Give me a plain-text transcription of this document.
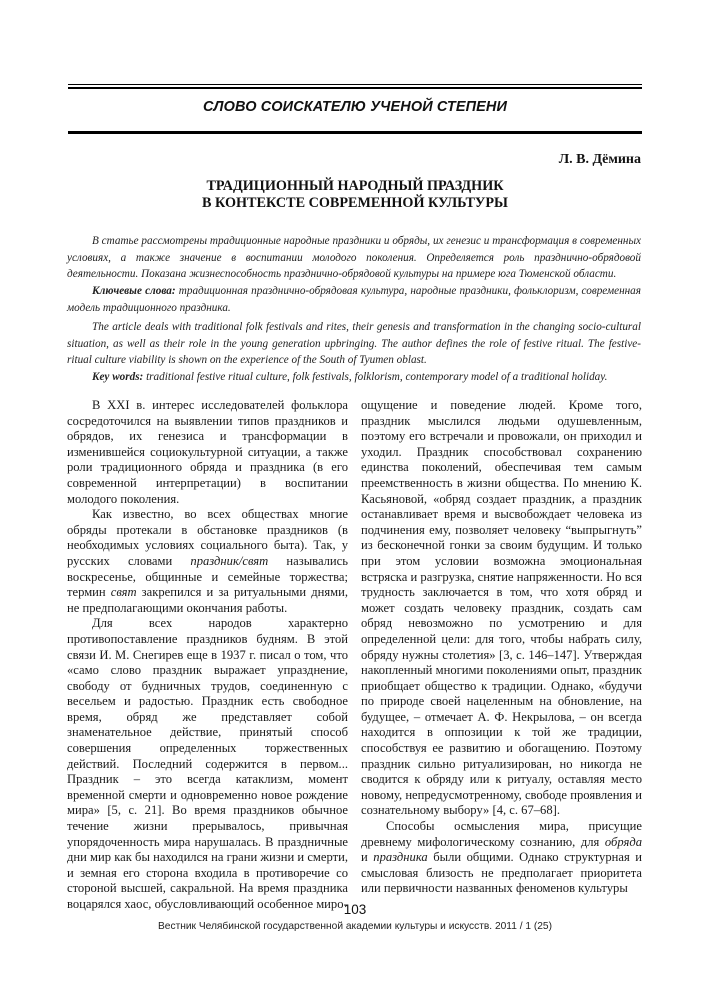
СЛОВО СОИСКАТЕЛЮ УЧЕНОЙ СТЕПЕНИ
Л. В. Дёмина
ТРАДИЦИОННЫЙ НАРОДНЫЙ ПРАЗДНИК
В КОНТЕКСТЕ СОВРЕМЕННОЙ КУЛЬТУРЫ

В статье рассмотрены традиционные народные праздники и обряды, их генезис и трансформация в современных условиях, а также значение в воспитании молодого поколения. Определяется роль праздничнo-обрядовой деятельности. Показана жизнеспособность праздничнo-обрядовой культуры на примере юга Тюменской области.

Ключевые слова: традиционная праздничнo-обрядовая культура, народные праздники, фольклоризм, современная модель традиционного праздника.

The article deals with traditional folk festivals and rites, their genesis and transformation in the changing socio-cultural situation, as well as their role in the young generation upbringing. The author defines the role of festive ritual. The festive-ritual culture viability is shown on the experience of the South of Tyumen oblast.

Key words: traditional festive ritual culture, folk festivals, folklorism, contemporary model of a traditional holiday.

В XXI в. интерес исследователей фольклора сосредоточился на выявлении типов праздников и обрядов, их генезиса и трансформации в изменившейся социокультурной ситуации, а также роли традиционного обряда и праздника (в его современной интерпретации) в воспитании молодого поколения.

Как известно, во всех обществах многие обряды протекали в обстановке праздников (в необходимых условиях социального быта). Так, у русских словами праздник/свят назывались воскресенье, общинные и семейные торжества; термин свят закрепился и за ритуальными днями, не предполагающими окончания работы.

Для всех народов характерно противопоставление праздников будням. В этой связи И. М. Снегирев еще в 1937 г. писал о том, что «само слово праздник выражает упразднение, свободу от будничных трудов, соединенную с весельем и радостью. Праздник есть свободное время, обряд же представляет собой знаменательное действие, принятый способ совершения определенных торжественных действий. Последний содержится в первом... Праздник – это всегда катаклизм, момент временной смерти и одновременно новое рождение мира» [5, с. 21]. Во время праздников обычное течение жизни прерывалось, привычная упорядоченность мира нарушалась. В праздничные дни мир как бы находился на грани жизни и смерти, и земная его сторона входила в противоречие со стороной высшей, сакральной. На время праздника воцарялся хаос, обусловливающий особенное миро-

ощущение и поведение людей. Кроме того, праздник мыслился людьми одушевленным, поэтому его встречали и провожали, он приходил и уходил. Праздник способствовал сохранению единства поколений, обеспечивая тем самым преемственность в жизни общества. По мнению К. Касьяновой, «обряд создает праздник, а праздник останавливает время и высвобождает человека из подчинения ему, позволяет человеку “выпрыгнуть” из бесконечной гонки за своим будущим. И только при этом условии возможна эмоциональная встряска и разгрузка, снятие напряженности. Но вся трудность заключается в том, что хотя обряд и может создать человеку праздник, создать сам обряд невозможно по усмотрению и для определенной цели: для того, чтобы набрать силу, обряду нужны столетия» [3, с. 146–147]. Утверждая накопленный многими поколениями опыт, праздник приобщает общество к традиции. Однако, «будучи по природе своей нацеленным на обновление, на будущее, – отмечает А. Ф. Некрылова, – он всегда находится в оппозиции к той же традиции, способствуя ее развитию и обогащению. Поэтому праздник сильно ритуализирован, но никогда не сводится к обряду или к ритуалу, оставляя место новому, непредусмотренному, свободе проявления и сознательному выбору» [4, с. 67–68].

Способы осмысления мира, присущие древнему мифологическому сознанию, для обряда и праздника были общими. Однако структурная и смысловая близость не предполагает приоритета или первичности названных феноменов культуры

103
Вестник Челябинской государственной академии культуры и искусств. 2011 / 1 (25)
